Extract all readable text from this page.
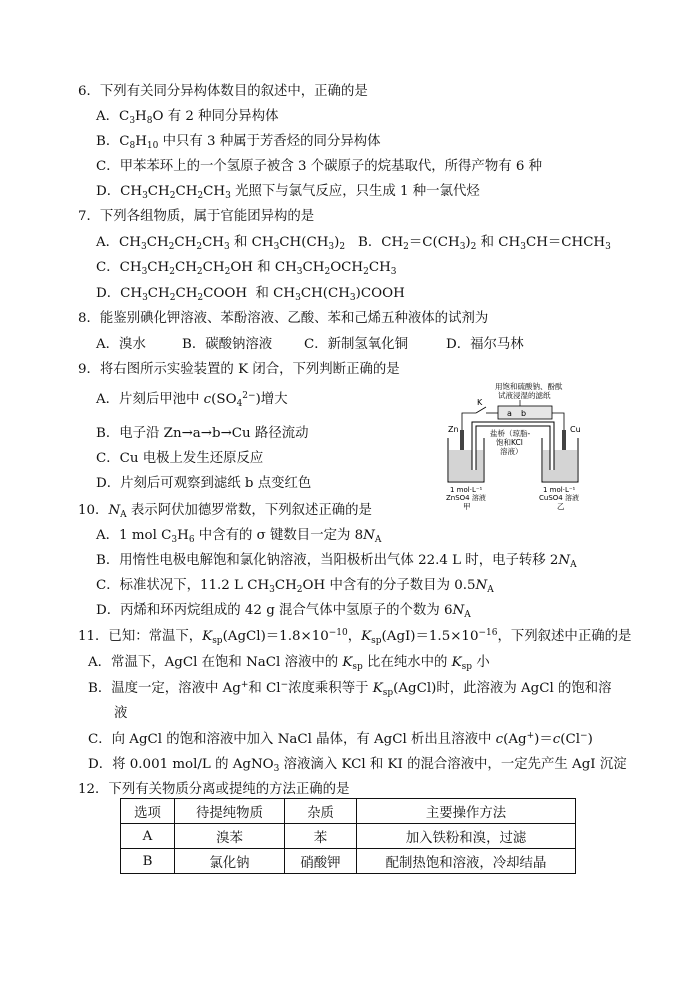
6．下列有关同分异构体数目的叙述中，正确的是
A．$C_3H_8O$ 有 2 种同分异构体
B．$C_8H_{10}$ 中只有 3 种属于芳香烃的同分异构体
C．甲苯苯环上的一个氢原子被含 3 个碳原子的烷基取代，所得产物有 6 种
D．$CH_3CH_2CH_2CH_3$ 光照下与氯气反应，只生成 1 种一氯代烃
7．下列各组物质，属于官能团异构的是
A．$CH_3CH_2CH_2CH_3$ 和 $CH_3CH(CH_3)_2$ B．$CH_2=C(CH_3)_2$ 和 $CH_3CH=CHCH_3$
C．$CH_3CH_2CH_2CH_2OH$ 和 $CH_3CH_2OCH_2CH_3$
D．$CH_3CH_2CH_2COOH$  和 $CH_3CH(CH_3)COOH$
8．能鉴别碘化钾溶液、苯酚溶液、乙酸、苯和己烯五种液体的试剂为
A．溴水	B．碳酸钠溶液 C．新制氢氧化铜	D．福尔马林
9．将右图所示实验装置的 K 闭合，下列判断正确的是
A．片刻后甲池中 $c(SO_4^{2-})$增大
B．电子沿 Zn→a→b→Cu 路径流动
C．Cu 电极上发生还原反应
D．片刻后可观察到滤纸 b 点变红色
用饱和硫酸钠、酚酞
试液浸湿的滤纸
a b
K
Zn	Cu
盐桥（琼脂-
饱和KCl
溶液）
1 mol·L⁻¹
ZnSO4 溶液
甲
1 mol·L⁻¹
CuSO4 溶液
乙
10．$N_A$ 表示阿伏加德罗常数，下列叙述正确的是
A．1 mol $C_3H_6$ 中含有的 σ 键数目一定为 $8N_A$
B．用惰性电极电解饱和氯化钠溶液，当阳极析出气体 22.4 L 时，电子转移 $2N_A$
C．标准状况下，11.2 L $CH_3CH_2OH$ 中含有的分子数目为 $0.5N_A$
D．丙烯和环丙烷组成的 42 g 混合气体中氢原子的个数为 $6N_A$
11．已知：常温下，$K_{sp}(AgCl)=1.8\times 10^{-10}$，$K_{sp}(AgI)=1.5\times 10^{-16}$，下列叙述中正确的是
A．常温下，AgCl 在饱和 NaCl 溶液中的 $K_{sp}$ 比在纯水中的 $K_{sp}$ 小
B．温度一定，溶液中 Ag+和 Cl−浓度乘积等于 $K_{sp}(AgCl)$时，此溶液为 AgCl 的饱和溶
液
C．向 AgCl 的饱和溶液中加入 NaCl 晶体，有 AgCl 析出且溶液中 c(Ag+)＝c(Cl−)
D．将 0.001 mol/L 的 AgNO$_3$ 溶液滴入 KCl 和 KI 的混合溶液中，一定先产生 AgI 沉淀
12．下列有关物质分离或提纯的方法正确的是
选项	待提纯物质	杂质	主要操作方法
A	溴苯	苯	加入铁粉和溴，过滤
B	氯化钠	硝酸钾	配制热饱和溶液，冷却结晶
